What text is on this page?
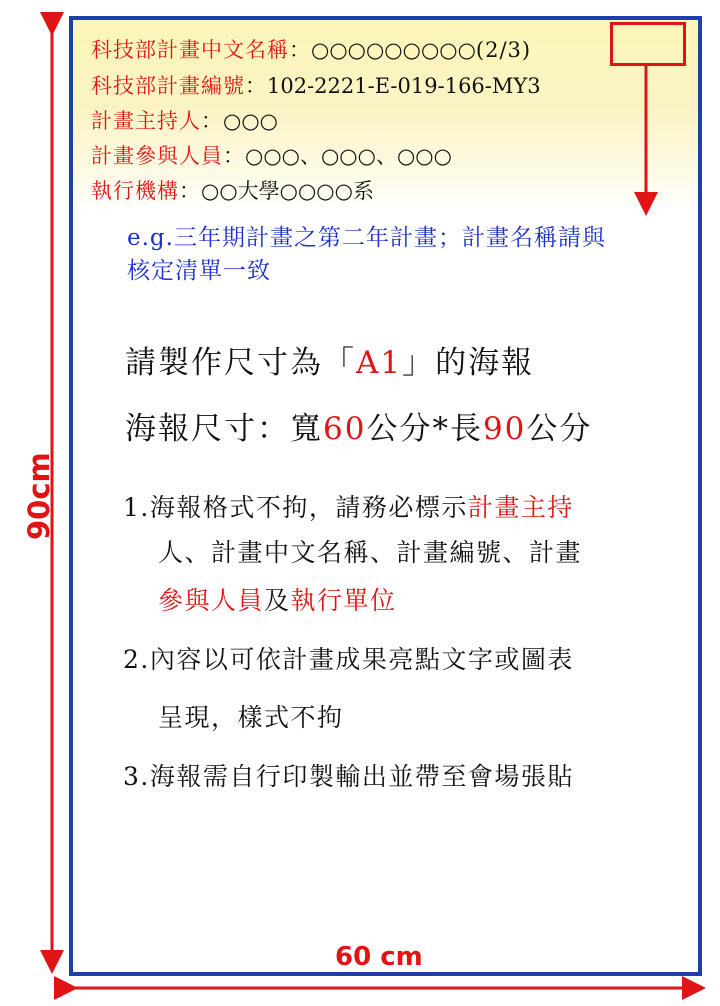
科技部計畫中文名稱：○○○○○○○○○(2/3)
科技部計畫編號：102-2221-E-019-166-MY3
計畫主持人：○○○
計畫參與人員：○○○、○○○、○○○
執行機構：○○大學○○○○系
e.g.三年期計畫之第二年計畫；計畫名稱請與核定清單一致
請製作尺寸為「A1」的海報
海報尺寸：寬60公分*長90公分
1.海報格式不拘，請務必標示計畫主持
人、計畫中文名稱、計畫編號、計畫
參與人員及執行單位
2.內容以可依計畫成果亮點文字或圖表
呈現，樣式不拘
3.海報需自行印製輸出並帶至會場張貼
90cm
60 cm
